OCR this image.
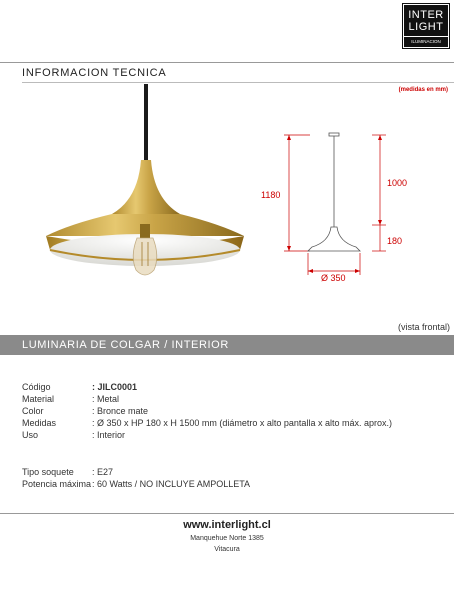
INTER
LIGHT
ILUMINACION
INFORMACION TECNICA
(medidas en mm)
1180
1000
180
Ø 350
(vista frontal)
LUMINARIA DE COLGAR / INTERIOR
Código	: JILC0001
Material	: Metal
Color	: Bronce mate
Medidas	: Ø 350 x HP 180 x H 1500 mm (diámetro x alto pantalla x alto máx. aprox.)
Uso	: Interior
Tipo soquete : E27
Potencia máxima: 60 Watts / NO INCLUYE AMPOLLETA
www.interlight.cl
Manquehue Norte 1385
Vitacura
